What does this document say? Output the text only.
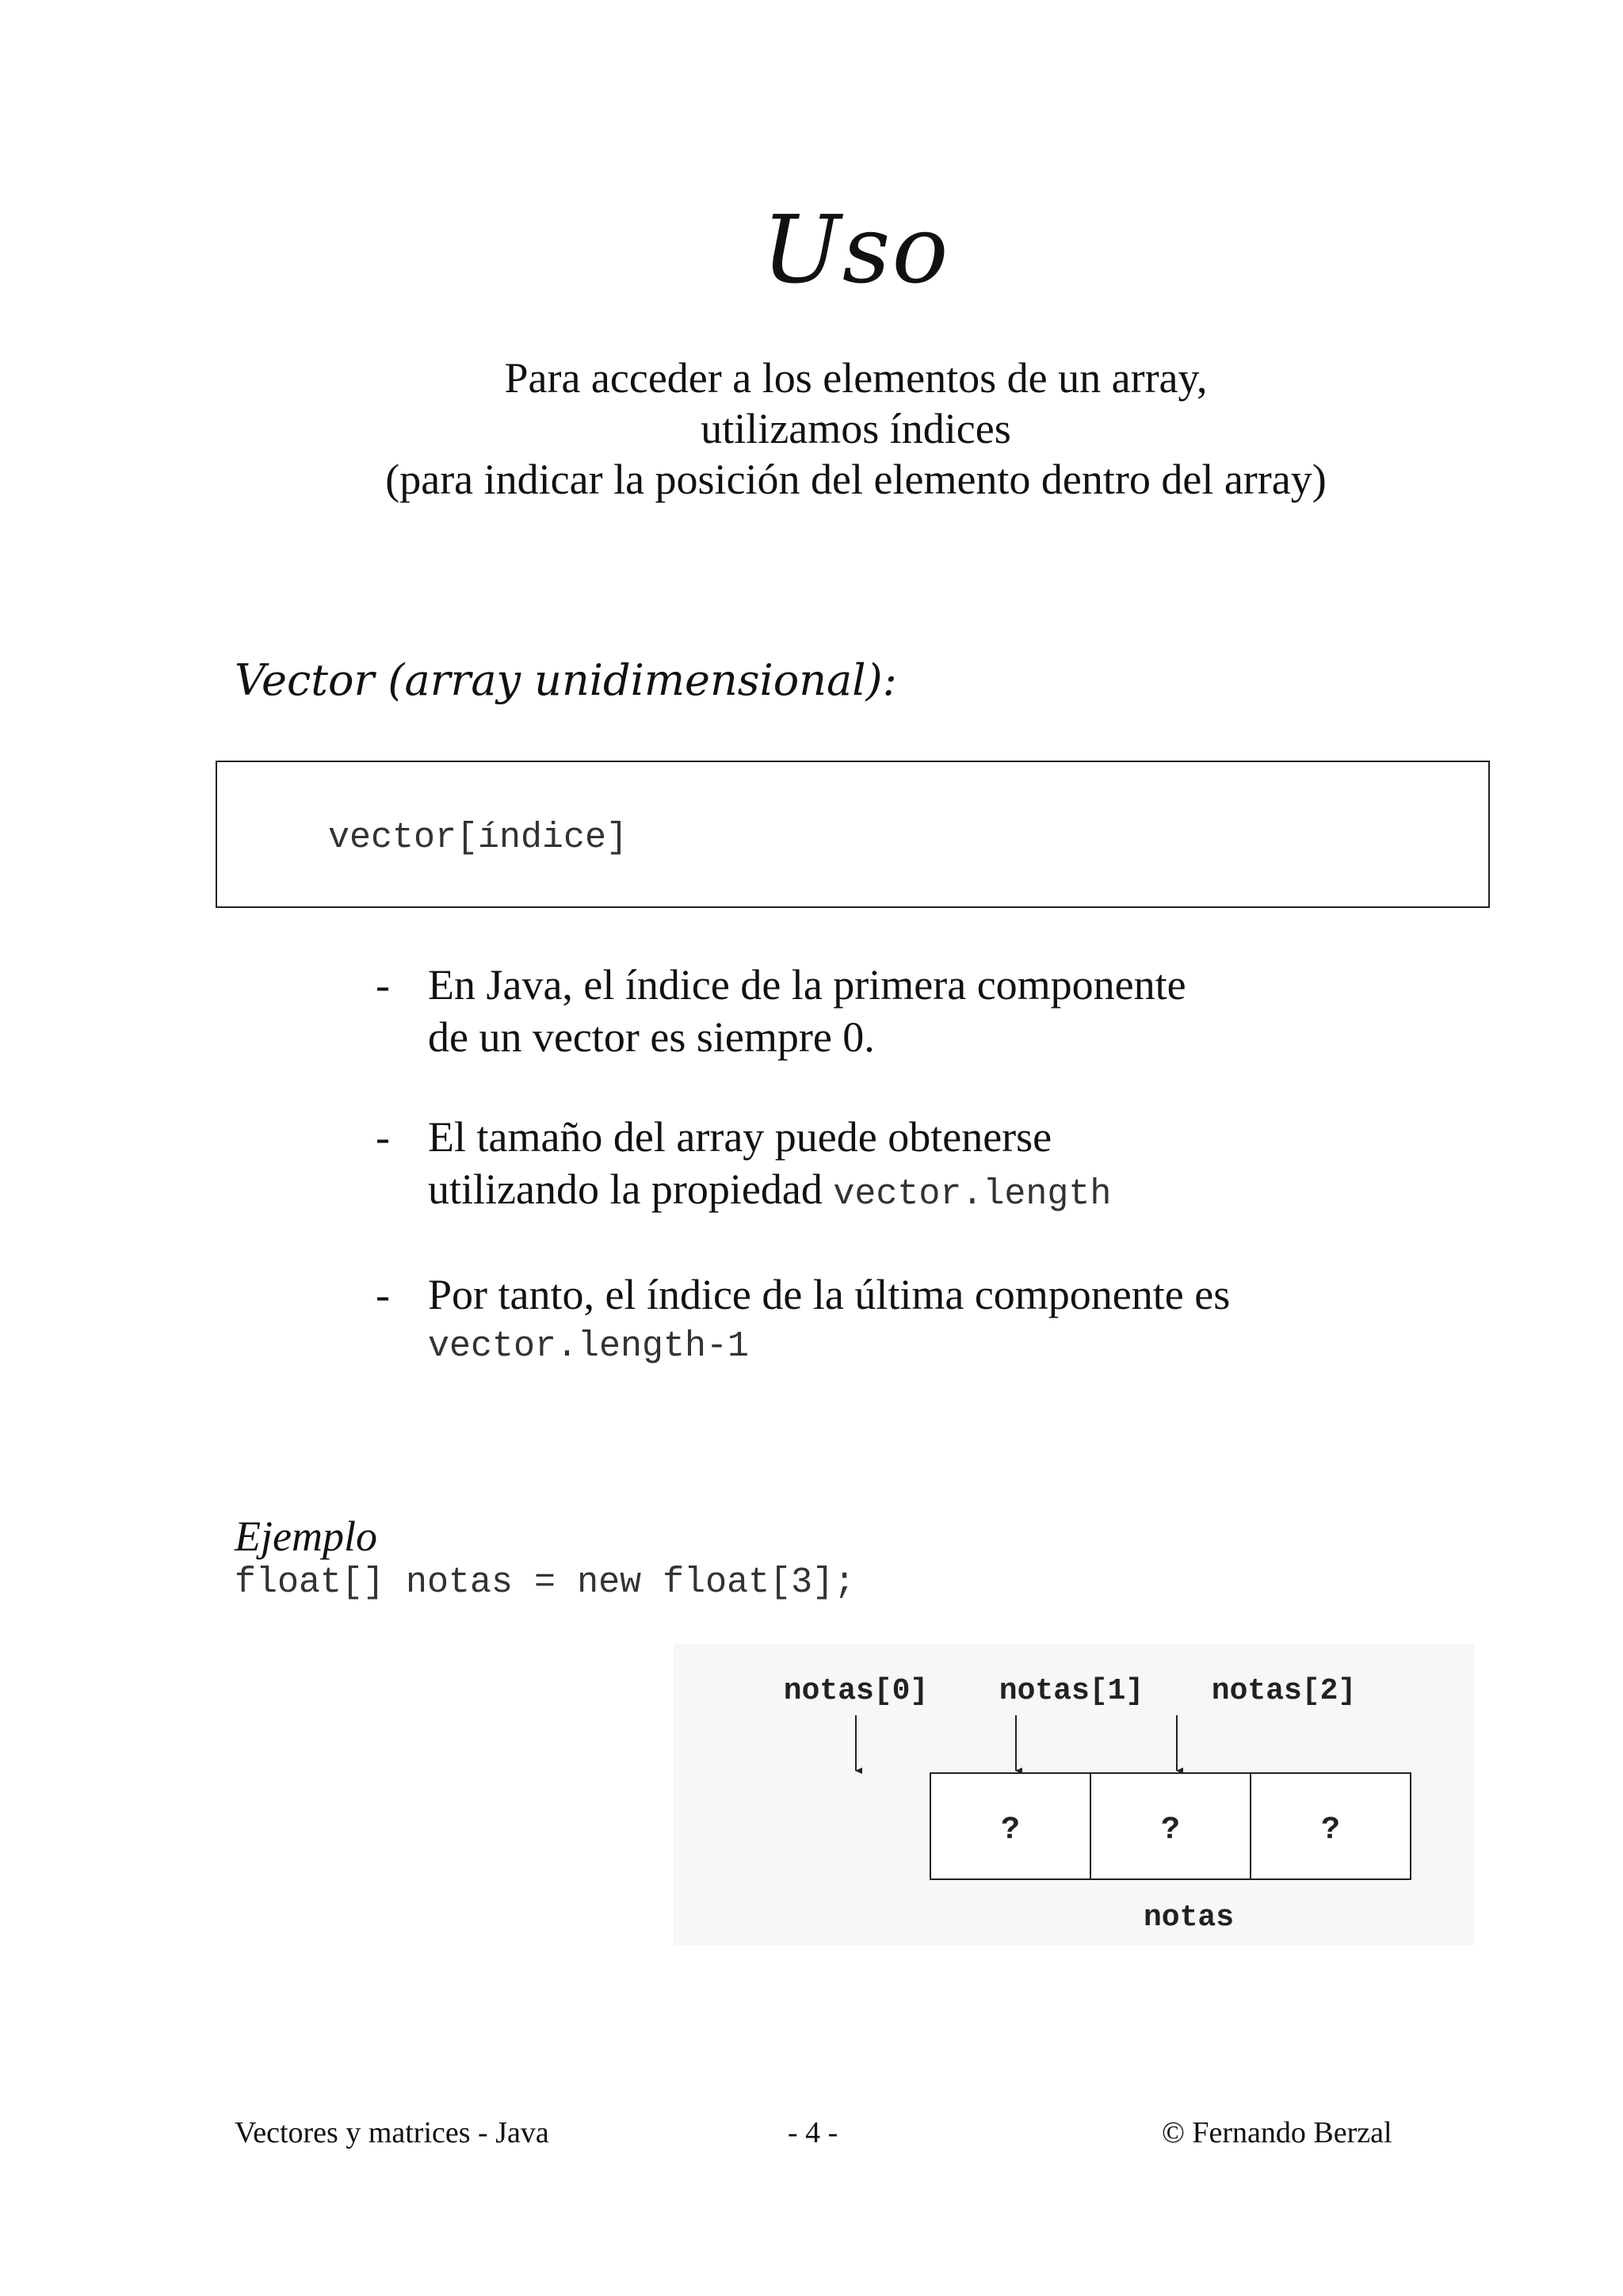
Uso
Para acceder a los elementos de un array,
utilizamos índices
(para indicar la posición del elemento dentro del array)
Vector (array unidimensional):
vector[índice]
- En Java, el índice de la primera componente
de un vector es siempre 0.
- El tamaño del array puede obtenerse
utilizando la propiedad vector.length
- Por tanto, el índice de la última componente es
vector.length-1
Ejemplo
float[] notas = new float[3];
notas[0] notas[1] notas[2]
?	?	?
notas
Vectores y matrices - Java	- 4 -	© Fernando Berzal
